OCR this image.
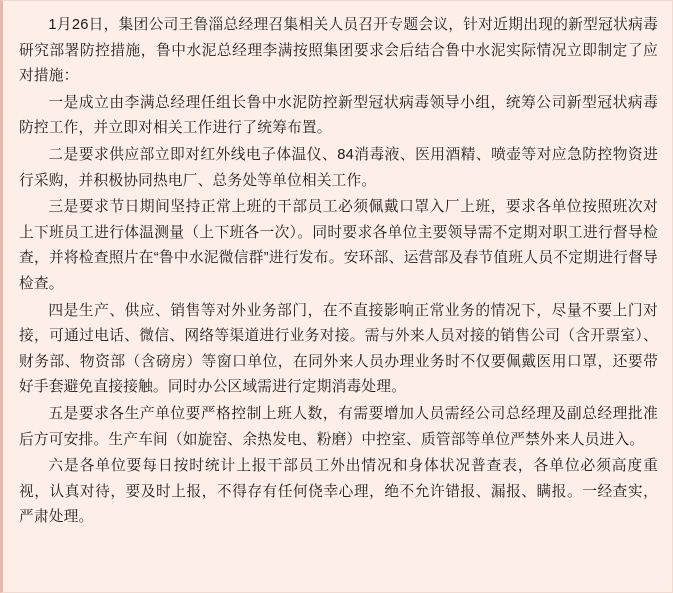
1月26日，集团公司王鲁淄总经理召集相关人员召开专题会议，针对近期出现的新型冠状病毒研究部署防控措施，鲁中水泥总经理李满按照集团要求会后结合鲁中水泥实际情况立即制定了应对措施：

一是成立由李满总经理任组长鲁中水泥防控新型冠状病毒领导小组，统筹公司新型冠状病毒防控工作，并立即对相关工作进行了统筹布置。

二是要求供应部立即对红外线电子体温仪、84消毒液、医用酒精、喷壶等对应急防控物资进行采购，并积极协同热电厂、总务处等单位相关工作。

三是要求节日期间坚持正常上班的干部员工必须佩戴口罩入厂上班，要求各单位按照班次对上下班员工进行体温测量（上下班各一次）。同时要求各单位主要领导需不定期对职工进行督导检查，并将检查照片在“鲁中水泥微信群”进行发布。安环部、运营部及春节值班人员不定期进行督导检查。

四是生产、供应、销售等对外业务部门，在不直接影响正常业务的情况下，尽量不要上门对接，可通过电话、微信、网络等渠道进行业务对接。需与外来人员对接的销售公司（含开票室）、财务部、物资部（含磅房）等窗口单位，在同外来人员办理业务时不仅要佩戴医用口罩，还要带好手套避免直接接触。同时办公区域需进行定期消毒处理。

五是要求各生产单位要严格控制上班人数，有需要增加人员需经公司总经理及副总经理批准后方可安排。生产车间（如旋窑、余热发电、粉磨）中控室、质管部等单位严禁外来人员进入。

六是各单位要每日按时统计上报干部员工外出情况和身体状况普查表，各单位必须高度重视，认真对待，要及时上报，不得存有任何侥幸心理，绝不允许错报、漏报、瞒报。一经查实，严肃处理。
